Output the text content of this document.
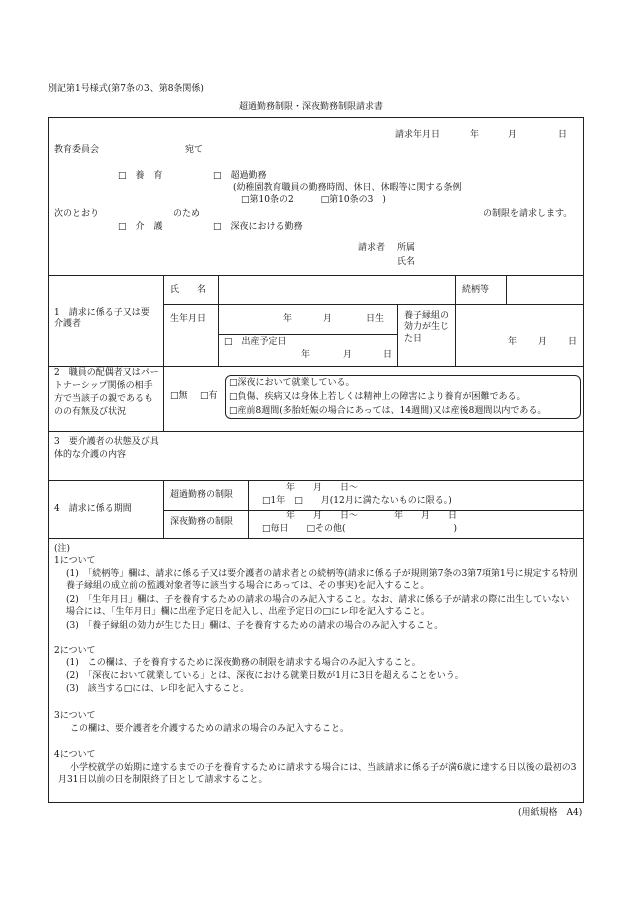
別記第1号様式(第7条の3、第8条関係)
超過勤務制限・深夜勤務制限請求書
請求年月日	年	月	日
教育委員会	宛て
□　養　育	□　超過勤務
(幼稚園教育職員の勤務時間、休日、休暇等に関する条例
□第10条の2　　　□第10条の3　)
次のとおり	のため	の制限を請求します。
□　介　護	□　深夜における勤務
請求者 所属
氏名
1　請求に係る子又は要介護者
氏　　名	続柄等
生年月日	年	月	日生
□　出産予定日
年	月	日
養子縁組の効力が生じた日	年 月 日
2　職員の配偶者又はパートナーシップ関係の相手方で当該子の親であるものの有無及び状況
□無 □有
□深夜において就業している。
□負傷、疾病又は身体上若しくは精神上の障害により養育が困難である。
□産前8週間(多胎妊娠の場合にあっては、14週間)又は産後8週間以内である。
3　要介護者の状態及び具体的な介護の内容
4　請求に係る期間
超過勤務の制限
年　　月　　日～
□1年　□　　月(12月に満たないものに限る。)
深夜勤務の制限
年　　月　　日～　　　　年　　月　　日
□毎日　　□その他(　　　　　　　　　　　　)
(注)
1について
(1)　「続柄等」欄は、請求に係る子又は要介護者の請求者との続柄等(請求に係る子が規則第7条の3第7項第1号に規定する特別養子縁組の成立前の監護対象者等に該当する場合にあっては、その事実)を記入すること。
(2)　「生年月日」欄は、子を養育するための請求の場合のみ記入すること。なお、請求に係る子が請求の際に出生していない場合には、「生年月日」欄に出産予定日を記入し、出産予定日の□にレ印を記入すること。
(3)　「養子縁組の効力が生じた日」欄は、子を養育するための請求の場合のみ記入すること。
2について
(1)　この欄は、子を養育するために深夜勤務の制限を請求する場合のみ記入すること。
(2)　「深夜において就業している」とは、深夜における就業日数が1月に3日を超えることをいう。
(3)　該当する□には、レ印を記入すること。
3について
この欄は、要介護者を介護するための請求の場合のみ記入すること。
4について
小学校就学の始期に達するまでの子を養育するために請求する場合には、当該請求に係る子が満6歳に達する日以後の最初の3月31日以前の日を制限終了日として請求すること。
(用紙規格　A4)
